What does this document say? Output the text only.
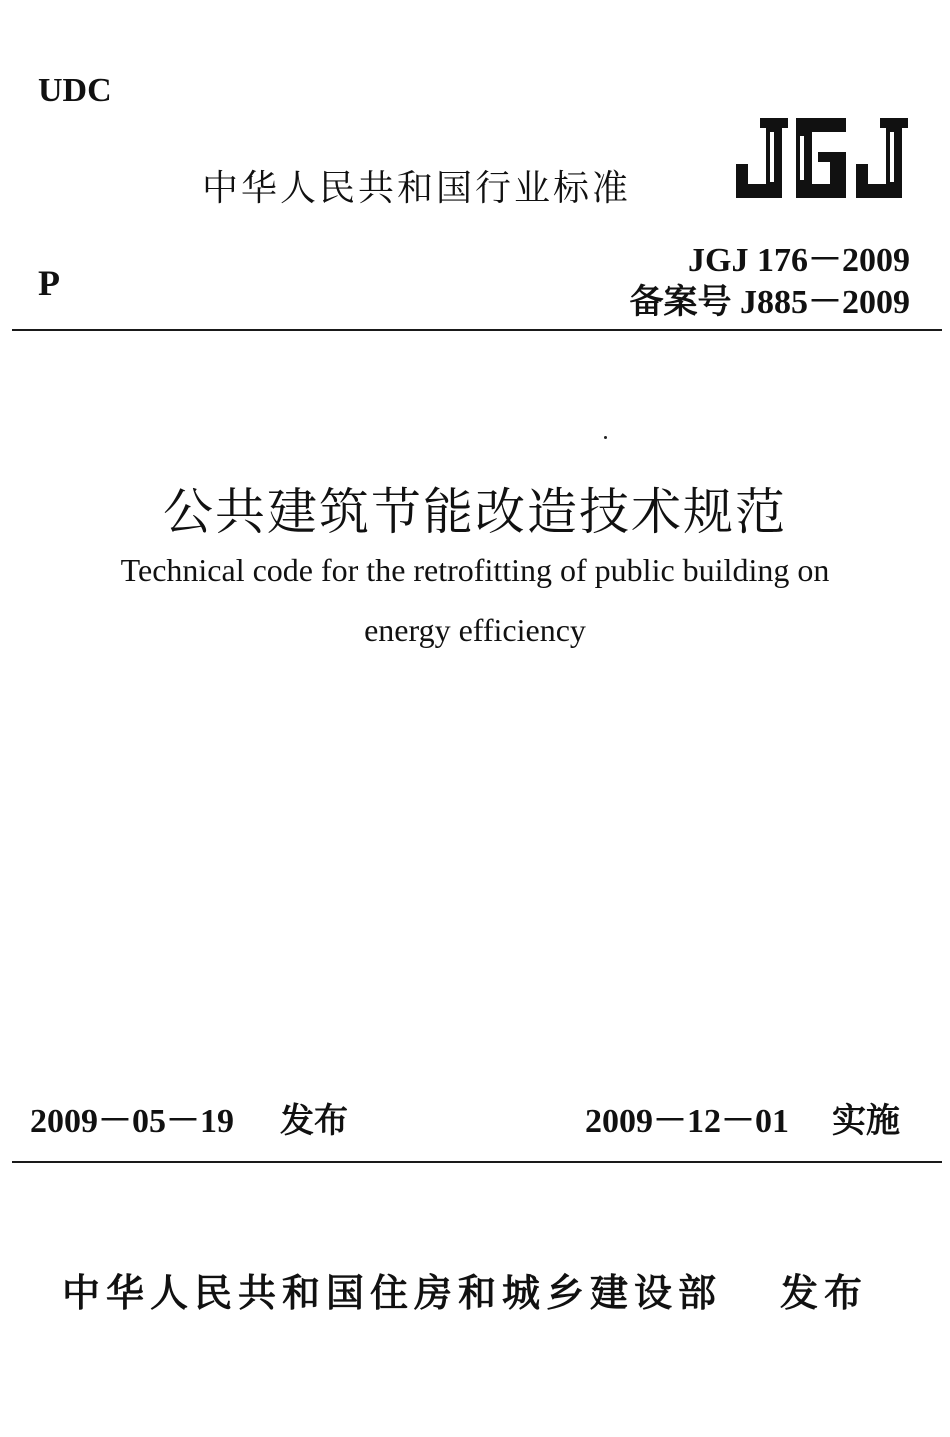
UDC
中华人民共和国行业标准
JGJ 176－2009
P	备案号 J885－2009
公共建筑节能改造技术规范
Technical code for the retrofitting of public building on
energy efficiency
2009－05－19 发布	2009－12－01 实施
中华人民共和国住房和城乡建设部 发布
